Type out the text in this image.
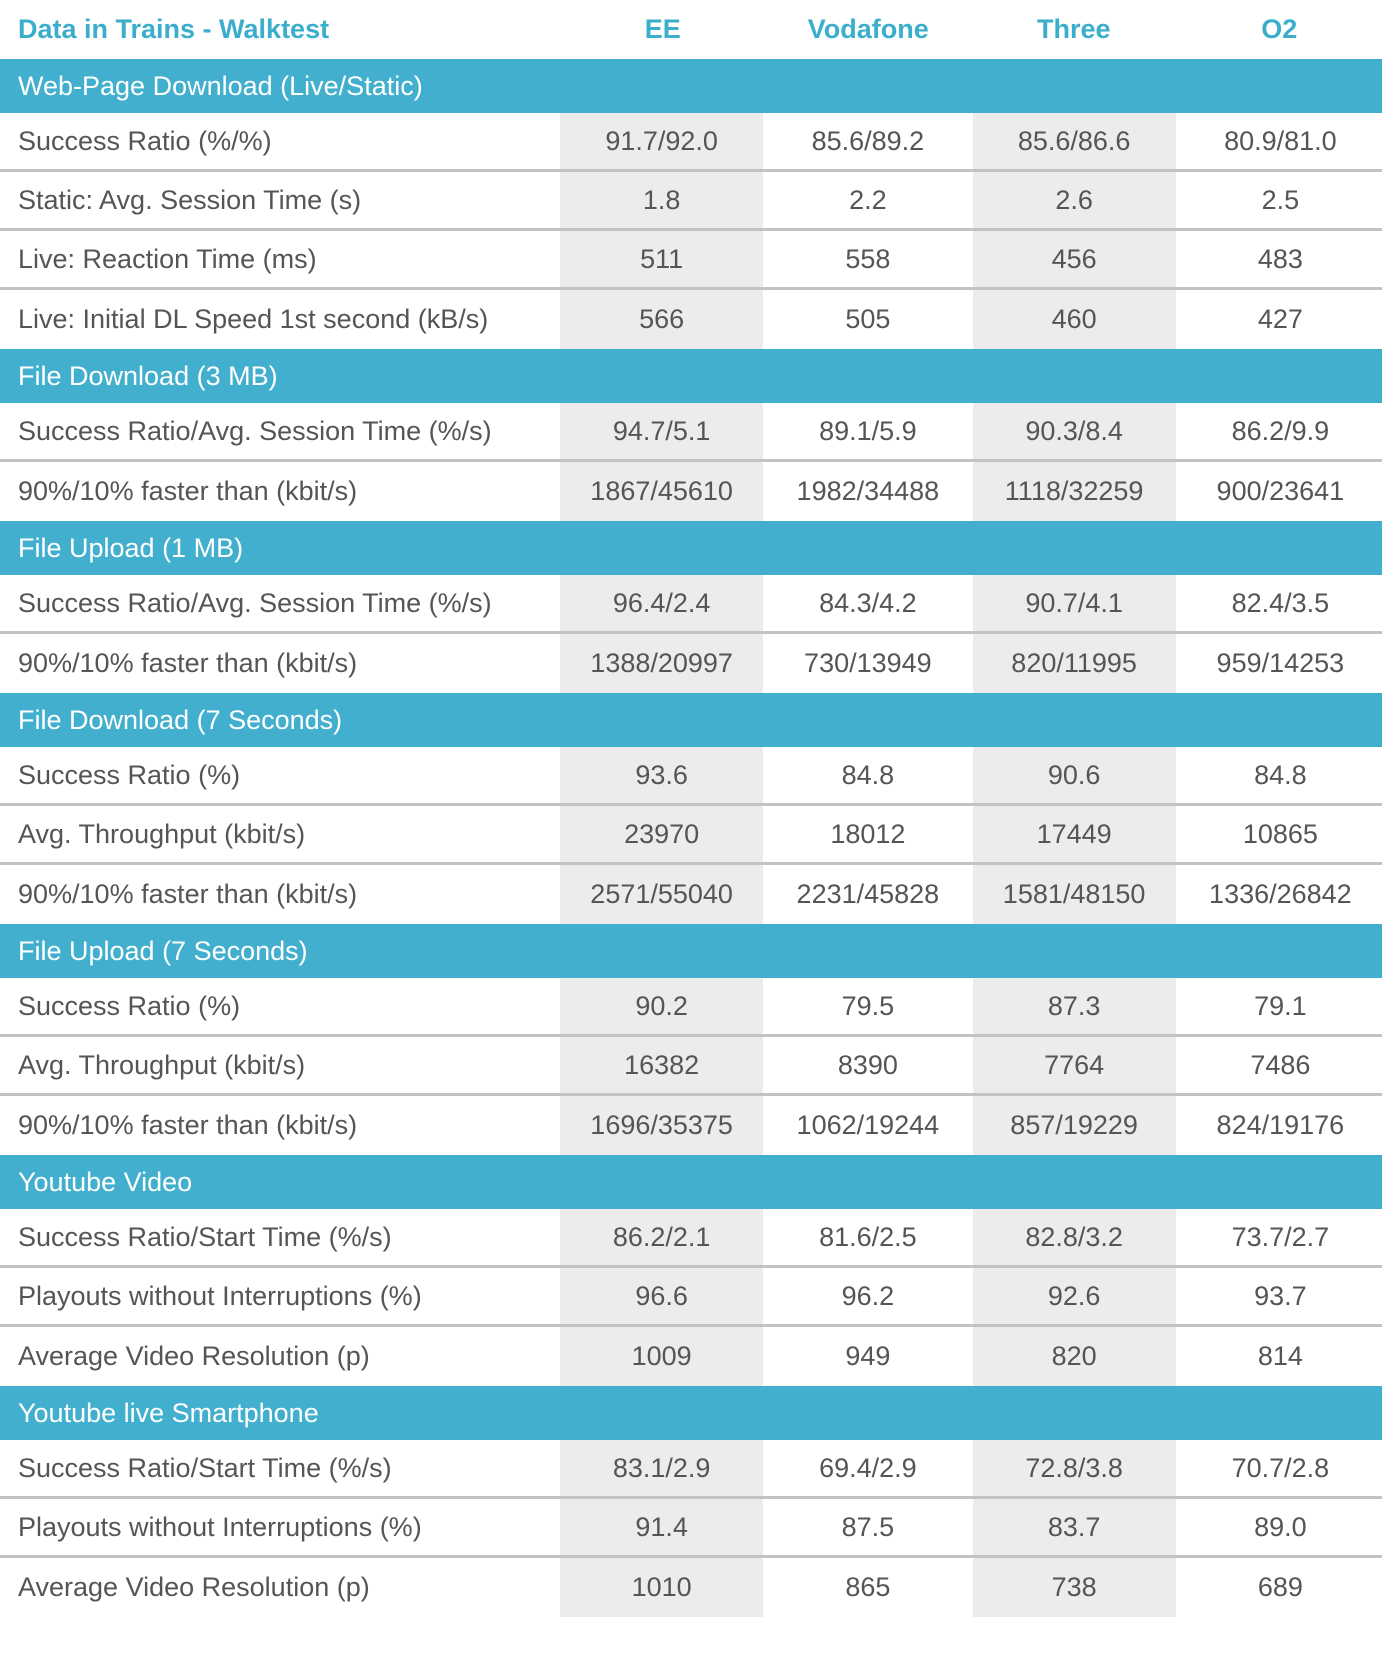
Data in Trains - Walktest	EE	Vodafone	Three	O2
Web-Page Download (Live/Static)
Success Ratio (%/%)	91.7/92.0	85.6/89.2	85.6/86.6	80.9/81.0
Static: Avg. Session Time (s)	1.8	2.2	2.6	2.5
Live: Reaction Time (ms)	511	558	456	483
Live: Initial DL Speed 1st second (kB/s)	566	505	460	427
File Download (3 MB)
Success Ratio/Avg. Session Time (%/s)	94.7/5.1	89.1/5.9	90.3/8.4	86.2/9.9
90%/10% faster than (kbit/s)	1867/45610	1982/34488	1118/32259	900/23641
File Upload (1 MB)
Success Ratio/Avg. Session Time (%/s)	96.4/2.4	84.3/4.2	90.7/4.1	82.4/3.5
90%/10% faster than (kbit/s)	1388/20997	730/13949	820/11995	959/14253
File Download (7 Seconds)
Success Ratio (%)	93.6	84.8	90.6	84.8
Avg. Throughput (kbit/s)	23970	18012	17449	10865
90%/10% faster than (kbit/s)	2571/55040	2231/45828	1581/48150	1336/26842
File Upload (7 Seconds)
Success Ratio (%)	90.2	79.5	87.3	79.1
Avg. Throughput (kbit/s)	16382	8390	7764	7486
90%/10% faster than (kbit/s)	1696/35375	1062/19244	857/19229	824/19176
Youtube Video
Success Ratio/Start Time (%/s)	86.2/2.1	81.6/2.5	82.8/3.2	73.7/2.7
Playouts without Interruptions (%)	96.6	96.2	92.6	93.7
Average Video Resolution (p)	1009	949	820	814
Youtube live Smartphone
Success Ratio/Start Time (%/s)	83.1/2.9	69.4/2.9	72.8/3.8	70.7/2.8
Playouts without Interruptions (%)	91.4	87.5	83.7	89.0
Average Video Resolution (p)	1010	865	738	689
